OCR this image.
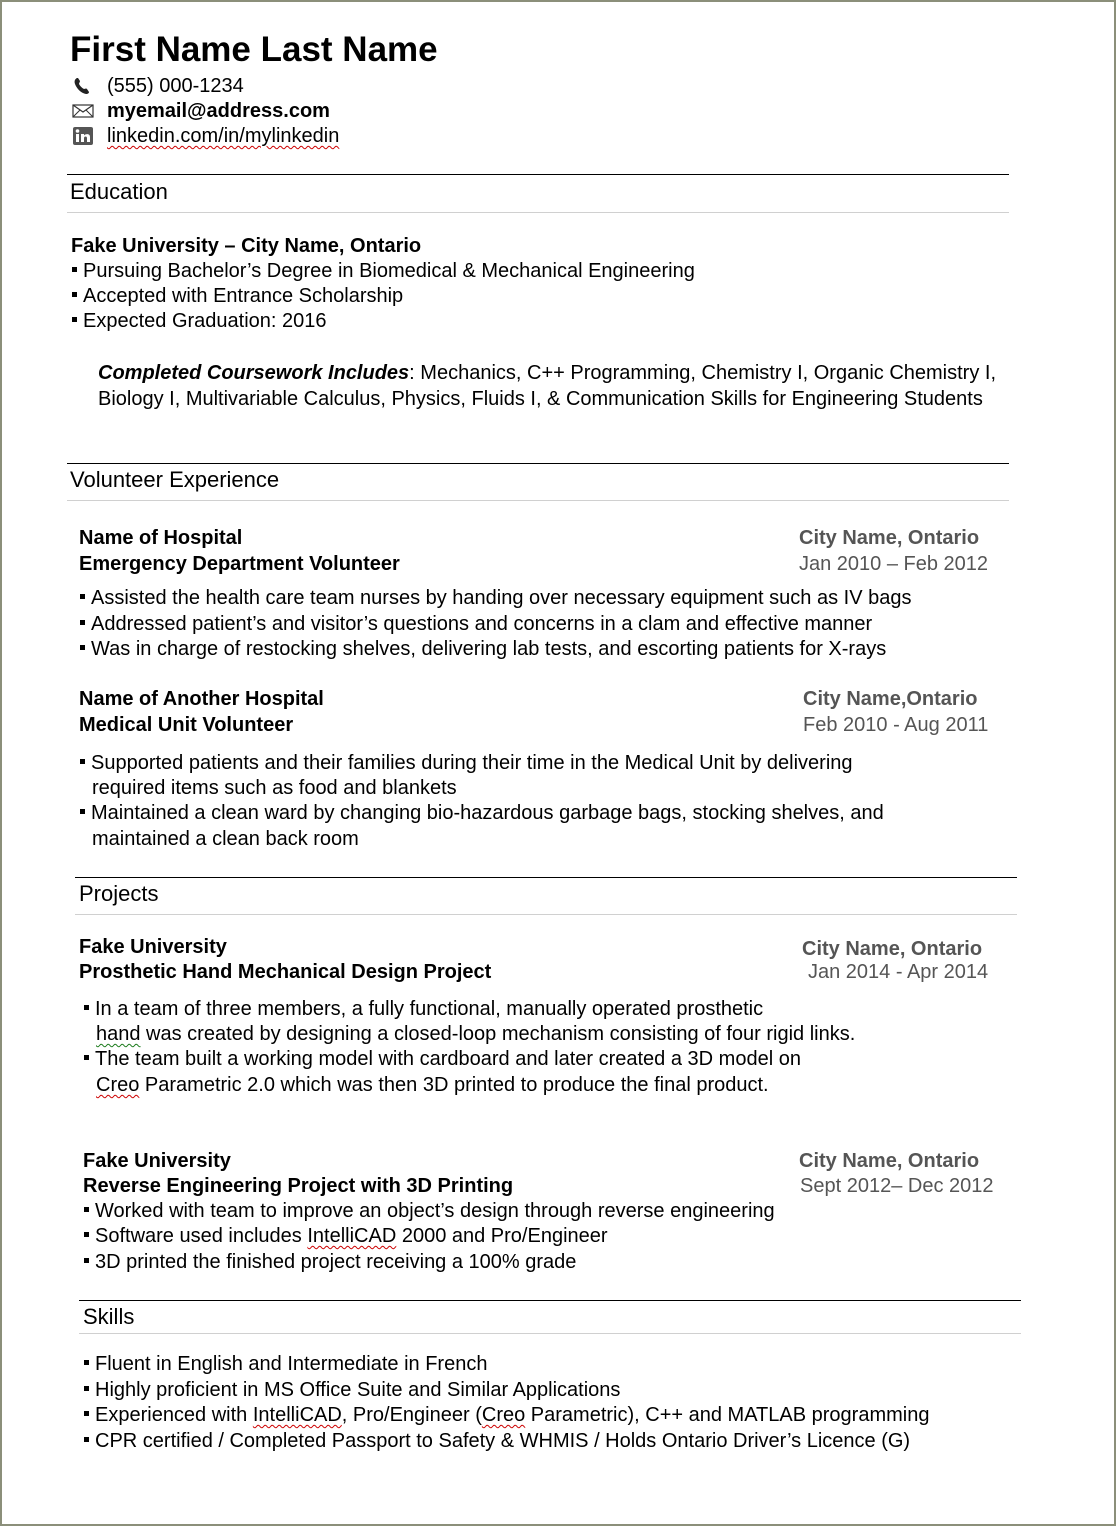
First Name Last Name
(555) 000-1234
myemail@address.com
linkedin.com/in/mylinkedin
Education
Fake University – City Name, Ontario
Pursuing Bachelor’s Degree in Biomedical & Mechanical Engineering
Accepted with Entrance Scholarship
Expected Graduation: 2016
Completed Coursework Includes: Mechanics, C++ Programming, Chemistry I, Organic Chemistry I, Biology I, Multivariable Calculus, Physics, Fluids I, & Communication Skills for Engineering Students
Volunteer Experience
Name of Hospital
Emergency Department Volunteer
City Name, Ontario
Jan 2010 – Feb 2012
Assisted the health care team nurses by handing over necessary equipment such as IV bags
Addressed patient’s and visitor’s questions and concerns in a clam and effective manner
Was in charge of restocking shelves, delivering lab tests, and escorting patients for X-rays
Name of Another Hospital
Medical Unit Volunteer
City Name,Ontario
Feb 2010 - Aug 2011
Supported patients and their families during their time in the Medical Unit by delivering
required items such as food and blankets
Maintained a clean ward by changing bio-hazardous garbage bags, stocking shelves, and
maintained a clean back room
Projects
Fake University
Prosthetic Hand Mechanical Design Project
City Name, Ontario
Jan 2014 - Apr 2014
In a team of three members, a fully functional, manually operated prosthetic
hand was created by designing a closed-loop mechanism consisting of four rigid links.
The team built a working model with cardboard and later created a 3D model on
Creo Parametric 2.0 which was then 3D printed to produce the final product.
Fake University
Reverse Engineering Project with 3D Printing
City Name, Ontario
Sept 2012– Dec 2012
Worked with team to improve an object’s design through reverse engineering
Software used includes IntelliCAD 2000 and Pro/Engineer
3D printed the finished project receiving a 100% grade
Skills
Fluent in English and Intermediate in French
Highly proficient in MS Office Suite and Similar Applications
Experienced with IntelliCAD, Pro/Engineer (Creo Parametric), C++ and MATLAB programming
CPR certified / Completed Passport to Safety & WHMIS / Holds Ontario Driver’s Licence (G)
